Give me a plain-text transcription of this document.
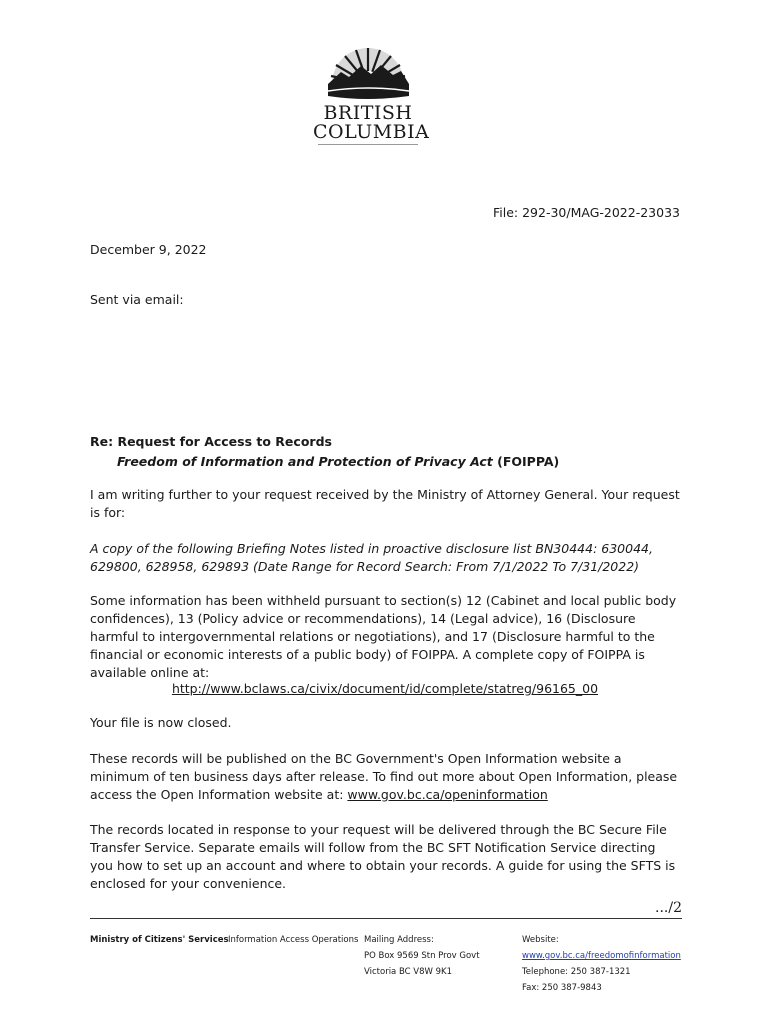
BRITISH
COLUMBIA
File: 292-30/MAG-2022-23033
December 9, 2022
Sent via email:
Re: Request for Access to Records
Freedom of Information and Protection of Privacy Act (FOIPPA)
I am writing further to your request received by the Ministry of Attorney General. Your request is for:
A copy of the following Briefing Notes listed in proactive disclosure list BN30444: 630044, 629800, 628958, 629893 (Date Range for Record Search: From 7/1/2022 To 7/31/2022)
Some information has been withheld pursuant to section(s) 12 (Cabinet and local public body confidences), 13 (Policy advice or recommendations), 14 (Legal advice), 16 (Disclosure harmful to intergovernmental relations or negotiations), and 17 (Disclosure harmful to the financial or economic interests of a public body) of FOIPPA. A complete copy of FOIPPA is available online at:
http://www.bclaws.ca/civix/document/id/complete/statreg/96165_00
Your file is now closed.
These records will be published on the BC Government's Open Information website a minimum of ten business days after release. To find out more about Open Information, please access the Open Information website at: www.gov.bc.ca/openinformation
The records located in response to your request will be delivered through the BC Secure File Transfer Service. Separate emails will follow from the BC SFT Notification Service directing you how to set up an account and where to obtain your records. A guide for using the SFTS is enclosed for your convenience.
.../2
Ministry of Citizens' Services Information Access Operations Mailing Address:
PO Box 9569 Stn Prov Govt
Victoria BC V8W 9K1
Website:
www.gov.bc.ca/freedomofinformation
Telephone: 250 387-1321
Fax: 250 387-9843
